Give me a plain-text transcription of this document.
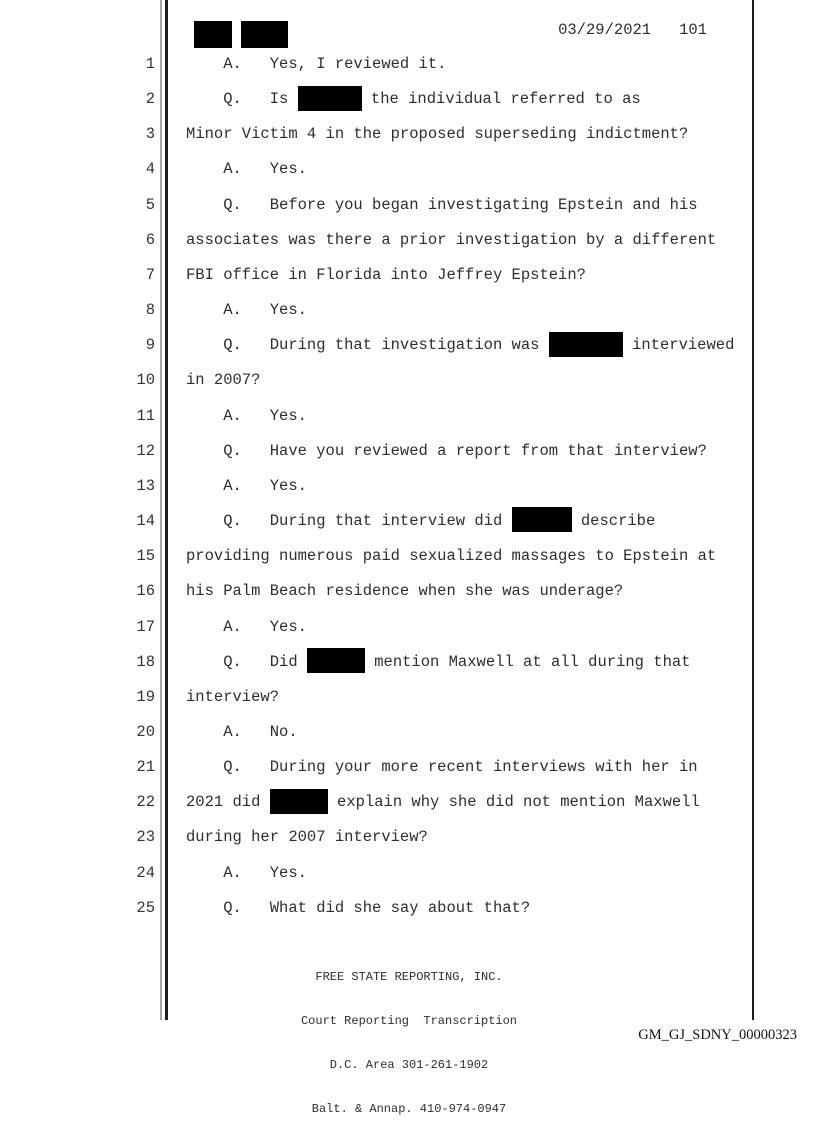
03/29/2021 101
1 A.   Yes, I reviewed it.
2 Q.   Is	the individual referred to as
3 Minor Victim 4 in the proposed superseding indictment?
4 A.   Yes.
5 Q.   Before you began investigating Epstein and his
6 associates was there a prior investigation by a different
7 FBI office in Florida into Jeffrey Epstein?
8 A.   Yes.
9 Q.   During that investigation was	interviewed
10 in 2007?
11 A.   Yes.
12 Q.   Have you reviewed a report from that interview?
13 A.   Yes.
14 Q.   During that interview did	describe
15 providing numerous paid sexualized massages to Epstein at
16 his Palm Beach residence when she was underage?
17 A.   Yes.
18 Q.   Did	mention Maxwell at all during that
19 interview?
20 A.   No.
21 Q.   During your more recent interviews with her in
22 2021 did	explain why she did not mention Maxwell
23 during her 2007 interview?
24 A.   Yes.
25 Q.   What did she say about that?

FREE STATE REPORTING, INC.

Court Reporting  Transcription

D.C. Area 301-261-1902

Balt. & Annap. 410-974-0947

GM_GJ_SDNY_00000323
